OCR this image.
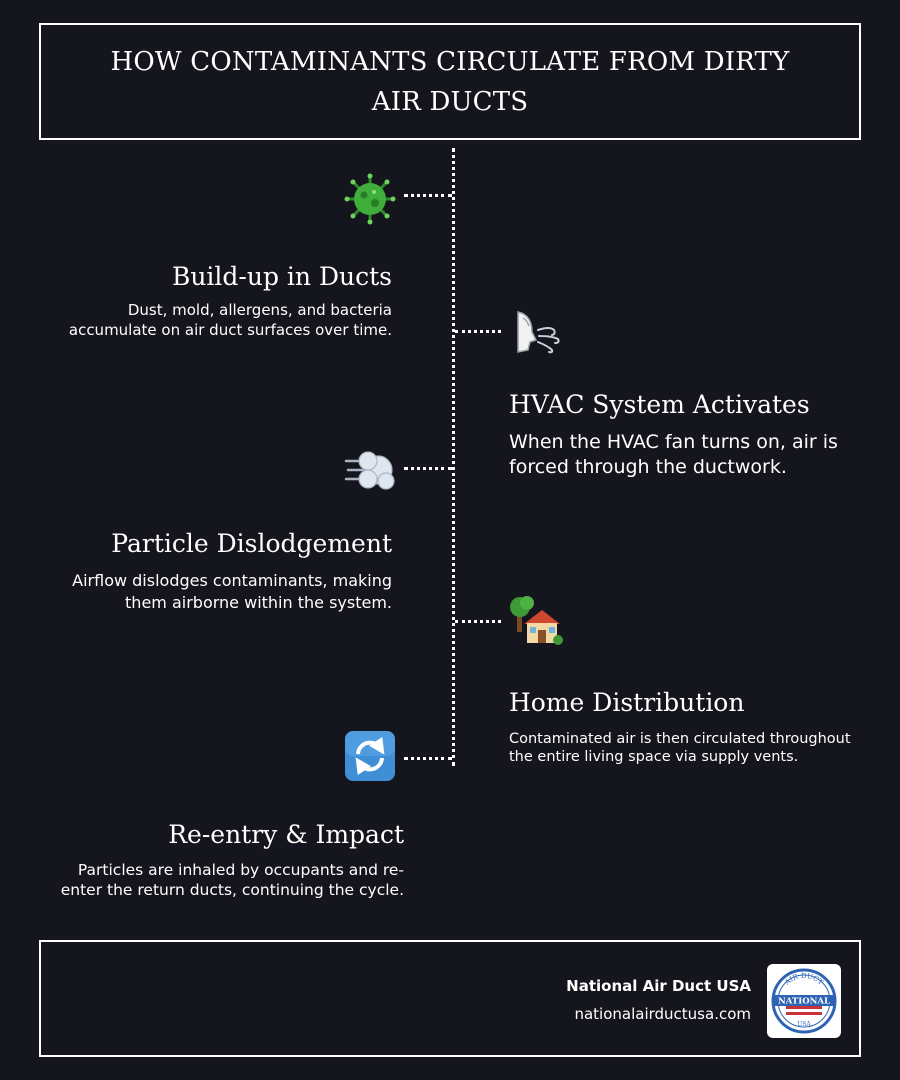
HOW CONTAMINANTS CIRCULATE FROM DIRTY AIR DUCTS
Build-up in Ducts

Dust, mold, allergens, and bacteria accumulate on air duct surfaces over time.

HVAC System Activates

When the HVAC fan turns on, air is forced through the ductwork.

Particle Dislodgement

Airflow dislodges contaminants, making them airborne within the system.

Home Distribution

Contaminated air is then circulated throughout the entire living space via supply vents.

Re-entry & Impact

Particles are inhaled by occupants and re-enter the return ducts, continuing the cycle.

National Air Duct USA

nationalairductusa.com

AIR DUCT
NATIONAL
USA
